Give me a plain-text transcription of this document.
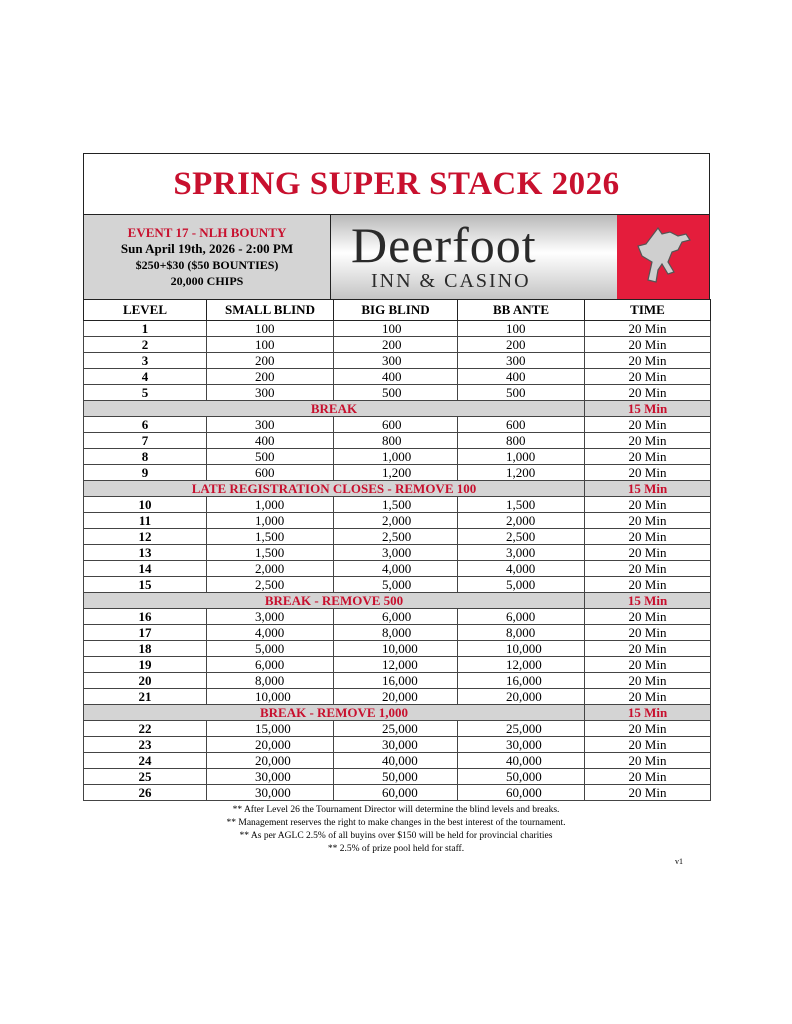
SPRING SUPER STACK 2026
EVENT 17 - NLH BOUNTY
Sun April 19th, 2026 - 2:00 PM
$250+$30 ($50 BOUNTIES)
20,000 CHIPS
Deerfoot
INN & CASINO
LEVEL	SMALL BLIND	BIG BLIND	BB ANTE	TIME
1	100	100	100	20 Min
2	100	200	200	20 Min
3	200	300	300	20 Min
4	200	400	400	20 Min
5	300	500	500	20 Min
BREAK				15 Min
6	300	600	600	20 Min
7	400	800	800	20 Min
8	500	1,000	1,000	20 Min
9	600	1,200	1,200	20 Min
LATE REGISTRATION CLOSES - REMOVE 100				15 Min
10	1,000	1,500	1,500	20 Min
11	1,000	2,000	2,000	20 Min
12	1,500	2,500	2,500	20 Min
13	1,500	3,000	3,000	20 Min
14	2,000	4,000	4,000	20 Min
15	2,500	5,000	5,000	20 Min
BREAK - REMOVE 500				15 Min
16	3,000	6,000	6,000	20 Min
17	4,000	8,000	8,000	20 Min
18	5,000	10,000	10,000	20 Min
19	6,000	12,000	12,000	20 Min
20	8,000	16,000	16,000	20 Min
21	10,000	20,000	20,000	20 Min
BREAK - REMOVE 1,000				15 Min
22	15,000	25,000	25,000	20 Min
23	20,000	30,000	30,000	20 Min
24	20,000	40,000	40,000	20 Min
25	30,000	50,000	50,000	20 Min
26	30,000	60,000	60,000	20 Min
** After Level 26 the Tournament Director will determine the blind levels and breaks.
** Management reserves the right to make changes in the best interest of the tournament.
** As per AGLC 2.5% of all buyins over $150 will be held for provincial charities
** 2.5% of prize pool held for staff.
v1
